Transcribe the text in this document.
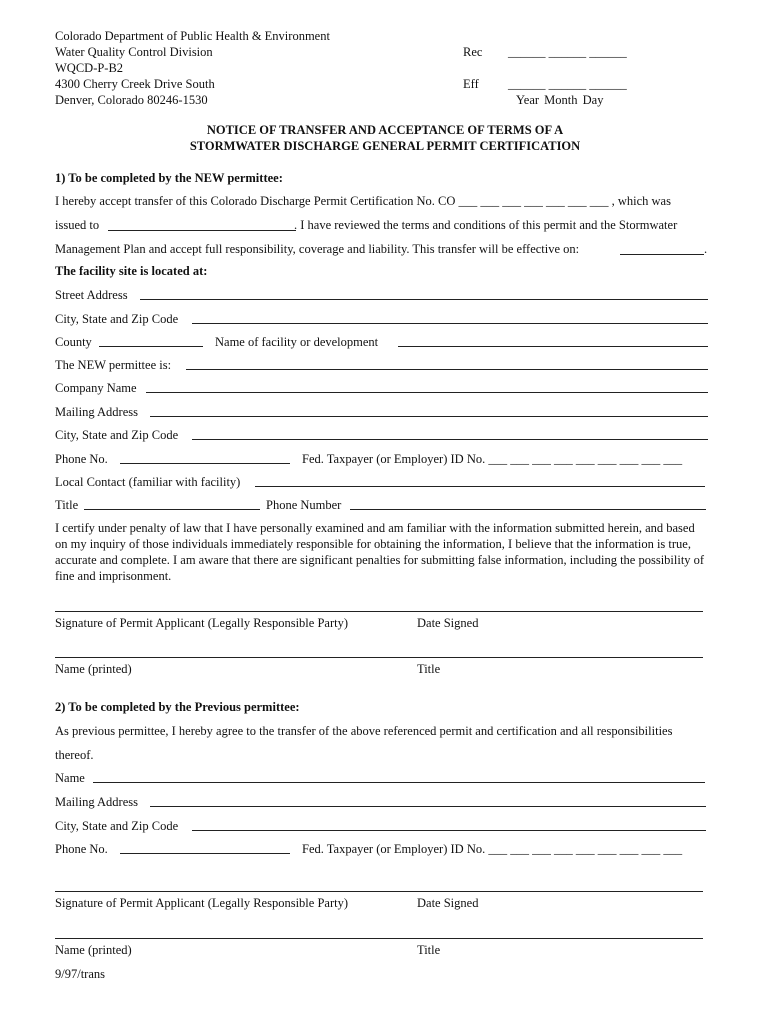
Colorado Department of Public Health & Environment
Water Quality Control Division
WQCD-P-B2
4300 Cherry Creek Drive South
Denver, Colorado 80246-1530
Rec ______ ______ ______
Eff ______ ______ ______
Year Month Day
NOTICE OF TRANSFER AND ACCEPTANCE OF TERMS OF A
STORMWATER DISCHARGE GENERAL PERMIT CERTIFICATION
1) To be completed by the NEW permittee:
I hereby accept transfer of this Colorado Discharge Permit Certification No. CO ___ ___ ___ ___ ___ ___ ___ , which was
issued to	. I have reviewed the terms and conditions of this permit and the Stormwater
Management Plan and accept full responsibility, coverage and liability. This transfer will be effective on:	.
The facility site is located at:
Street Address
City, State and Zip Code
County	Name of facility or development
The NEW permittee is:
Company Name
Mailing Address
City, State and Zip Code
Phone No.	Fed. Taxpayer (or Employer) ID No. ___ ___ ___ ___ ___ ___ ___ ___ ___
Local Contact (familiar with facility)
Title	Phone Number
I certify under penalty of law that I have personally examined and am familiar with the information submitted herein, and based on my inquiry of those individuals immediately responsible for obtaining the information, I believe that the information is true, accurate and complete. I am aware that there are significant penalties for submitting false information, including the possibility of fine and imprisonment.
Signature of Permit Applicant (Legally Responsible Party)	Date Signed
Name (printed)	Title
2) To be completed by the Previous permittee:
As previous permittee, I hereby agree to the transfer of the above referenced permit and certification and all responsibilities
thereof.
Name
Mailing Address
City, State and Zip Code
Phone No.	Fed. Taxpayer (or Employer) ID No. ___ ___ ___ ___ ___ ___ ___ ___ ___
Signature of Permit Applicant (Legally Responsible Party)	Date Signed
Name (printed)	Title
9/97/trans
